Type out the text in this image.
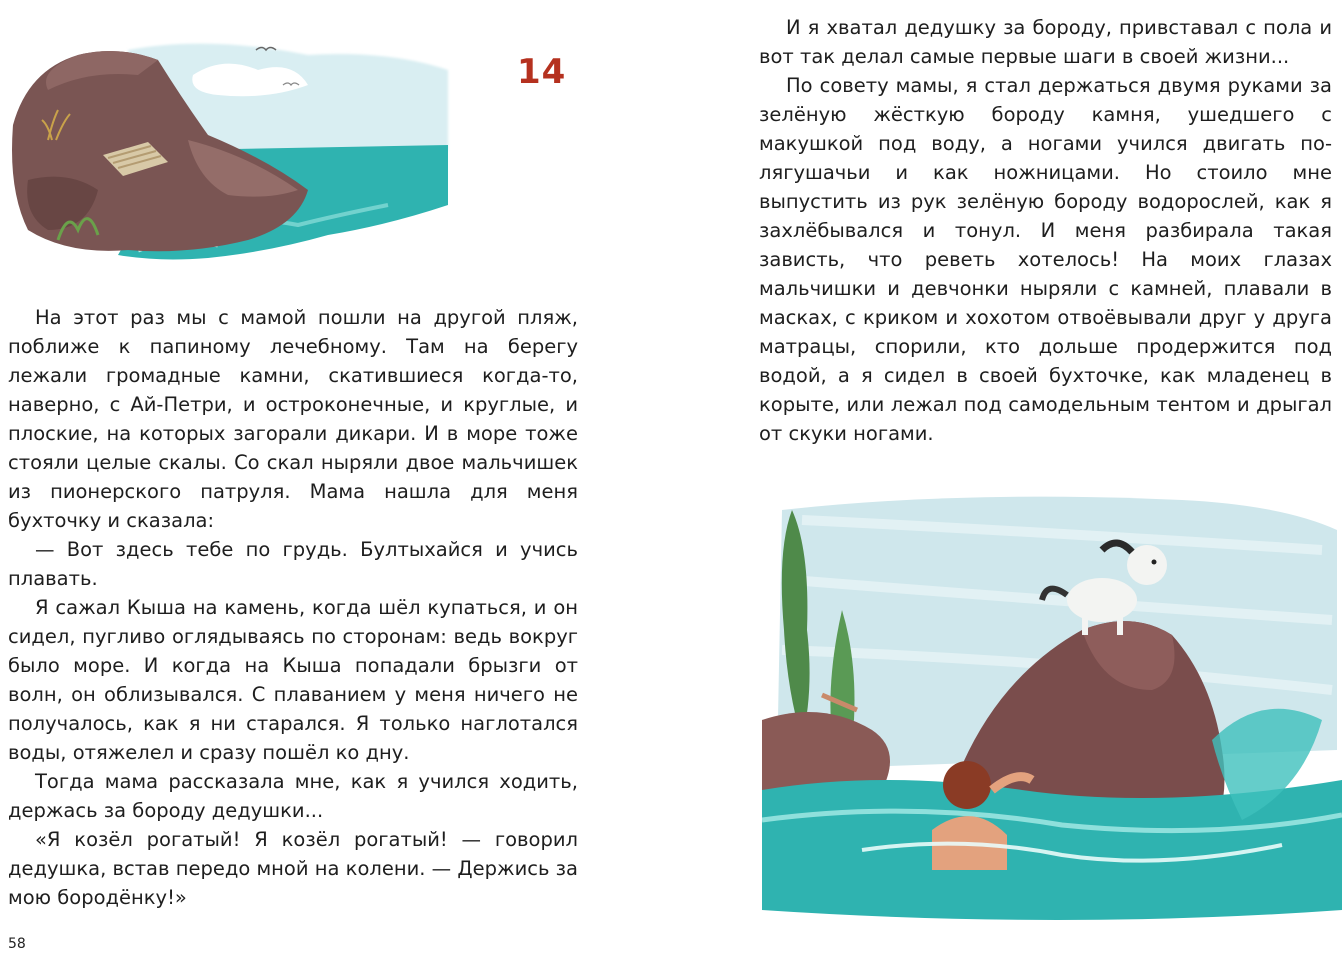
14

На этот раз мы с мамой пошли на другой пляж, поближе к папиному лечебному. Там на берегу лежали громадные камни, скатившиеся когда-то, наверно, с Ай-Петри, и остроконечные, и круглые, и плоские, на которых загорали дикари. И в море тоже стояли целые скалы. Со скал ныряли двое мальчишек из пионерского патруля. Мама нашла для меня бухточку и сказала:

— Вот здесь тебе по грудь. Бултыхайся и учись плавать.

Я сажал Кыша на камень, когда шёл купаться, и он сидел, пугливо оглядываясь по сторонам: ведь вокруг было море. И когда на Кыша попадали брызги от волн, он облизывался. С плаванием у меня ничего не получалось, как я ни старался. Я только наглотался воды, отяжелел и сразу пошёл ко дну.

Тогда мама рассказала мне, как я учился ходить, держась за бороду дедушки...

«Я козёл рогатый! Я козёл рогатый! — говорил дедушка, встав передо мной на колени. — Держись за мою бородёнку!»

58

И я хватал дедушку за бороду, привставал с пола и вот так делал самые первые шаги в своей жизни...

По совету мамы, я стал держаться двумя руками за зелёную жёсткую бороду камня, ушедшего с макушкой под воду, а ногами учился двигать по-лягушачьи и как ножницами. Но стоило мне выпустить из рук зелёную бороду водорослей, как я захлёбывался и тонул. И меня разбирала такая зависть, что реветь хотелось! На моих глазах мальчишки и девчонки ныряли с камней, плавали в масках, с криком и хохотом отвоёвывали друг у друга матрацы, спорили, кто дольше продержится под водой, а я сидел в своей бухточке, как младенец в корыте, или лежал под самодельным тентом и дрыгал от скуки ногами.
